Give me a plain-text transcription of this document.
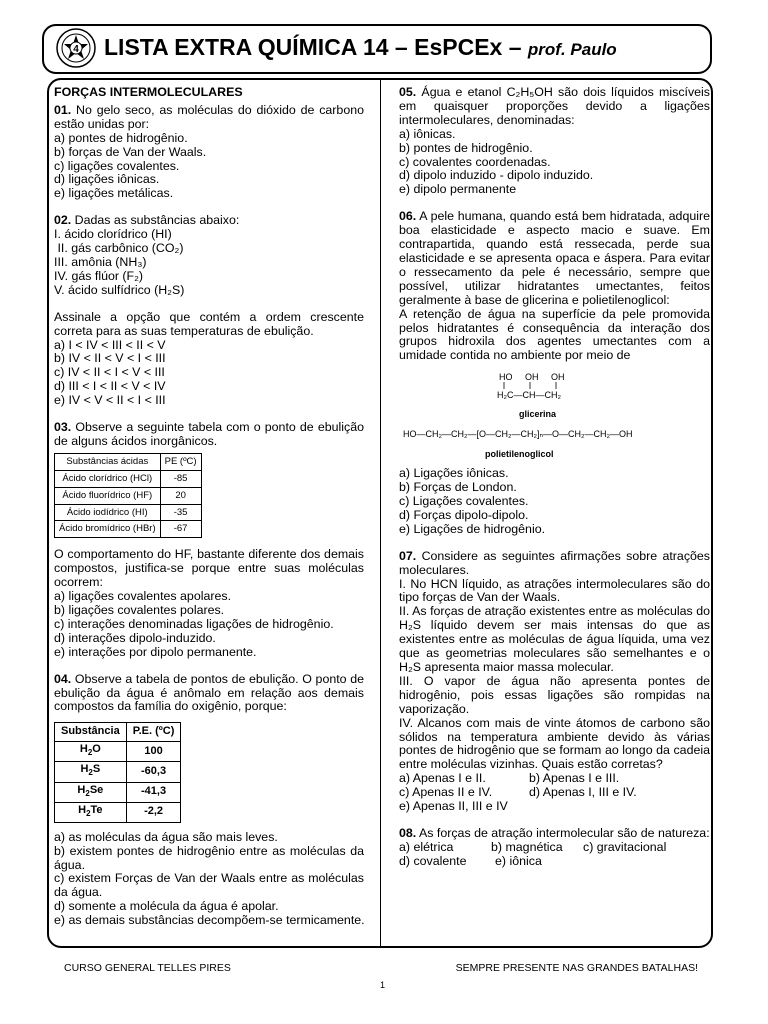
4 LISTA EXTRA QUÍMICA 14 – EsPCEx – prof. Paulo
FORÇAS INTERMOLECULARES

01. No gelo seco, as moléculas do dióxido de carbono estão unidas por:

a) pontes de hidrogênio.
b) forças de Van der Waals.
c) ligações covalentes.
d) ligações iônicas.
e) ligações metálicas.

02. Dadas as substâncias abaixo:

I. ácido clorídrico (HI)
II. gás carbônico (CO₂)
III. amônia (NH₃)
IV. gás flúor (F₂)
V. ácido sulfídrico (H₂S)

Assinale a opção que contém a ordem crescente correta para as suas temperaturas de ebulição.

a) I < IV < III < II < V
b) IV < II < V < I < III
c) IV < II < I < V < III
d) III < I < II < V < IV
e) IV < V < II < I < III

03. Observe a seguinte tabela com o ponto de ebulição de alguns ácidos inorgânicos.

Substâncias ácidas	PE (ºC)
Ácido clorídrico (HCl)	-85
Ácido fluorídrico (HF)	20
Ácido iodídrico (HI)	-35
Ácido bromídrico (HBr)	-67

O comportamento do HF, bastante diferente dos demais compostos, justifica-se porque entre suas moléculas ocorrem:

a) ligações covalentes apolares.
b) ligações covalentes polares.
c) interações denominadas ligações de hidrogênio.
d) interações dipolo-induzido.
e) interações por dipolo permanente.

04. Observe a tabela de pontos de ebulição. O ponto de ebulição da água é anômalo em relação aos demais compostos da família do oxigênio, porque:

Substância	P.E. (ºC)
$H_2O$	100
$H_2S$	-60,3
$H_2Se$	-41,3
$H_2Te$	-2,2

a) as moléculas da água são mais leves.

b) existem pontes de hidrogênio entre as moléculas da água.

c) existem Forças de Van der Waals entre as moléculas da água.

d) somente a molécula da água é apolar.

e) as demais substâncias decompõem-se termicamente.

05. Água e etanol C₂H₅OH são dois líquidos miscíveis em quaisquer proporções devido a ligações intermoleculares, denominadas:

a) iônicas.
b) pontes de hidrogênio.
c) covalentes coordenadas.
d) dipolo induzido - dipolo induzido.
e) dipolo permanente

06. A pele humana, quando está bem hidratada, adquire boa elasticidade e aspecto macio e suave. Em contrapartida, quando está ressecada, perde sua elasticidade e se apresenta opaca e áspera. Para evitar o ressecamento da pele é necessário, sempre que possível, utilizar hidratantes umectantes, feitos geralmente à base de glicerina e polietilenoglicol:

A retenção de água na superfície da pele promovida pelos hidratantes é consequência da interação dos grupos hidroxila dos agentes umectantes com a umidade contida no ambiente por meio de

HO OH OH
H₂C—CH—CH₂
glicerina
HO—CH₂—CH₂—[O—CH₂—CH₂]ₙ—O—CH₂—CH₂—OH
polietilenoglicol
a) Ligações iônicas.
b) Forças de London.
c) Ligações covalentes.
d) Forças dipolo-dipolo.
e) Ligações de hidrogênio.

07. Considere as seguintes afirmações sobre atrações moleculares.

I. No HCN líquido, as atrações intermoleculares são do tipo forças de Van der Waals.

II. As forças de atração existentes entre as moléculas do H₂S líquido devem ser mais intensas do que as existentes entre as moléculas de água líquida, uma vez que as geometrias moleculares são semelhantes e o H₂S apresenta maior massa molecular.

III. O vapor de água não apresenta pontes de hidrogênio, pois essas ligações são rompidas na vaporização.

IV. Alcanos com mais de vinte átomos de carbono são sólidos na temperatura ambiente devido às várias pontes de hidrogênio que se formam ao longo da cadeia entre moléculas vizinhas. Quais estão corretas?

a) Apenas I e II.	b) Apenas I e III.
c) Apenas II e IV.	d) Apenas I, III e IV.
e) Apenas II, III e IV

08. As forças de atração intermolecular são de natureza:

a) elétrica	b) magnética c) gravitacional
d) covalente e) iônica
CURSO GENERAL TELLES PIRES	SEMPRE PRESENTE NAS GRANDES BATALHAS!
1
